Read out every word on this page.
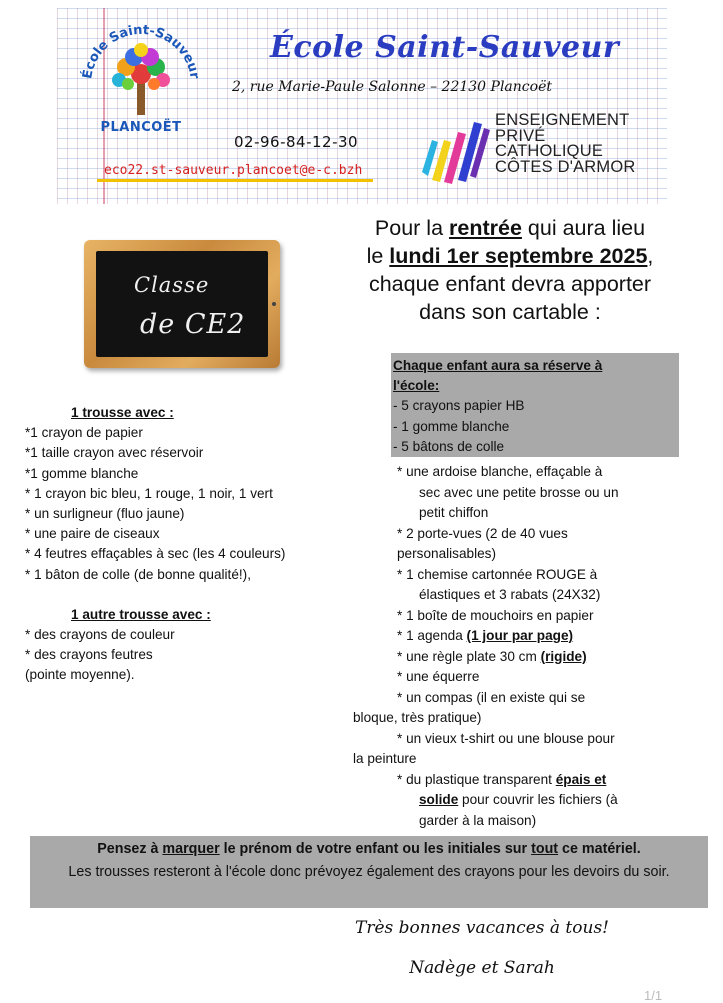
École Saint-Sauveur
PLANCOËT
École Saint-Sauveur
2, rue Marie-Paule Salonne – 22130 Plancoët
02-96-84-12-30
eco22.st-sauveur.plancoet@e-c.bzh
ENSEIGNEMENT
PRIVÉ
CATHOLIQUE
CÔTES D'ARMOR
Pour la rentrée qui aura lieu
le lundi 1er septembre 2025,
chaque enfant devra apporter
dans son cartable :
Classe
de CE2
1 trousse avec :
*1 crayon de papier
*1 taille crayon avec réservoir
*1 gomme blanche
* 1 crayon bic bleu, 1 rouge, 1 noir, 1 vert
* un surligneur (fluo jaune)
* une paire de ciseaux
* 4 feutres effaçables à sec (les 4 couleurs)
* 1 bâton de colle (de bonne qualité!),
1 autre trousse avec :
* des crayons de couleur
* des crayons feutres
(pointe moyenne).
Chaque enfant aura sa réserve à
l'école:
- 5 crayons papier HB
- 1 gomme blanche
- 5 bâtons de colle
* une ardoise blanche, effaçable à
sec avec une petite brosse ou un
petit chiffon
* 2 porte-vues (2 de 40 vues
personalisables)
* 1 chemise cartonnée ROUGE à
élastiques et 3 rabats (24X32)
* 1 boîte de mouchoirs en papier
* 1 agenda (1 jour par page)
* une règle plate 30 cm (rigide)
* une équerre
* un compas (il en existe qui se
bloque, très pratique)
* un vieux t-shirt ou une blouse pour
la peinture
* du plastique transparent épais et
solide pour couvrir les fichiers (à
garder à la maison)
Pensez à marquer le prénom de votre enfant ou les initiales sur tout ce matériel.
Les trousses resteront à l'école donc prévoyez également des crayons pour les devoirs du soir.
Très bonnes vacances à tous!
Nadège et Sarah
1/1
